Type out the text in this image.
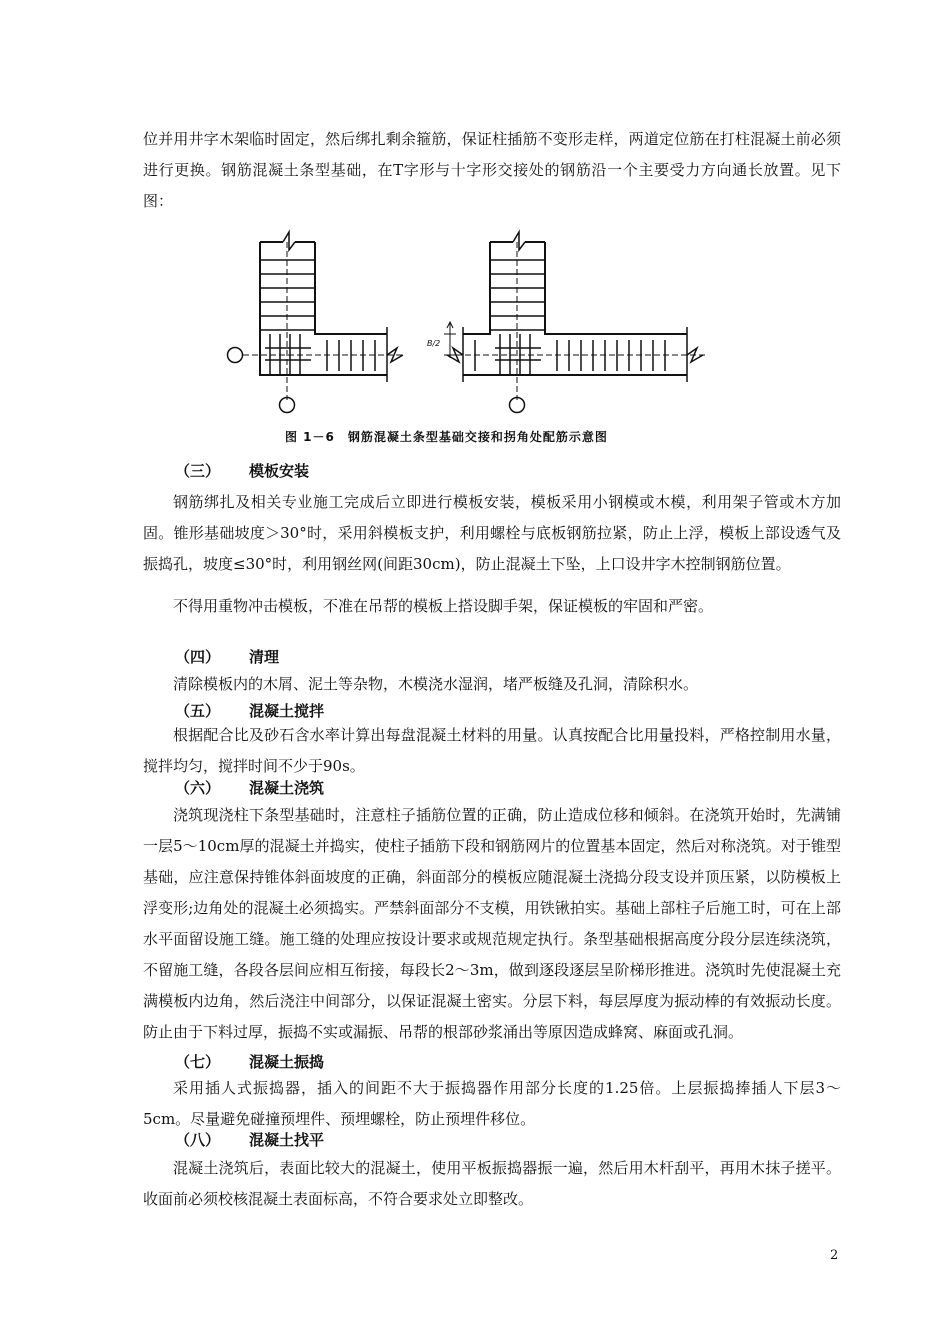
位并用井字木架临时固定，然后绑扎剩余箍筋，保证柱插筋不变形走样，两道定位筋在打柱混凝土前必须进行更换。钢筋混凝土条型基础，在T字形与十字形交接处的钢筋沿一个主要受力方向通长放置。见下图：

B/2
图 1－6　钢筋混凝土条型基础交接和拐角处配筋示意图

（三） 模板安装

钢筋绑扎及相关专业施工完成后立即进行模板安装，模板采用小钢模或木模，利用架子管或木方加固。锥形基础坡度＞30°时，采用斜模板支护，利用螺栓与底板钢筋拉紧，防止上浮，模板上部设透气及振捣孔，坡度≤30°时，利用钢丝网(间距30cm)，防止混凝土下坠，上口设井字木控制钢筋位置。

不得用重物冲击模板，不准在吊帮的模板上搭设脚手架，保证模板的牢固和严密。

（四） 清理

清除模板内的木屑、泥土等杂物，木模浇水湿润，堵严板缝及孔洞，清除积水。

（五） 混凝土搅拌

根据配合比及砂石含水率计算出每盘混凝土材料的用量。认真按配合比用量投料，严格控制用水量，搅拌均匀，搅拌时间不少于90s。

（六） 混凝土浇筑

浇筑现浇柱下条型基础时，注意柱子插筋位置的正确，防止造成位移和倾斜。在浇筑开始时，先满铺一层5～10cm厚的混凝土并捣实，使柱子插筋下段和钢筋网片的位置基本固定，然后对称浇筑。对于锥型基础，应注意保持锥体斜面坡度的正确，斜面部分的模板应随混凝土浇捣分段支设并顶压紧，以防模板上浮变形;边角处的混凝土必须捣实。严禁斜面部分不支模，用铁锹拍实。基础上部柱子后施工时，可在上部水平面留设施工缝。施工缝的处理应按设计要求或规范规定执行。条型基础根据高度分段分层连续浇筑，不留施工缝，各段各层间应相互衔接，每段长2～3m，做到逐段逐层呈阶梯形推进。浇筑时先使混凝土充满模板内边角，然后浇注中间部分，以保证混凝土密实。分层下料，每层厚度为振动棒的有效振动长度。防止由于下料过厚，振捣不实或漏振、吊帮的根部砂浆涌出等原因造成蜂窝、麻面或孔洞。

（七） 混凝土振捣

采用插人式振捣器，插入的间距不大于振捣器作用部分长度的1.25倍。上层振捣捧插人下层3～5cm。尽量避免碰撞预埋件、预埋螺栓，防止预埋件移位。

（八） 混凝土找平

混凝土浇筑后，表面比较大的混凝土，使用平板振捣器振一遍，然后用木杆刮平，再用木抹子搓平。收面前必须校核混凝土表面标高，不符合要求处立即整改。

2
